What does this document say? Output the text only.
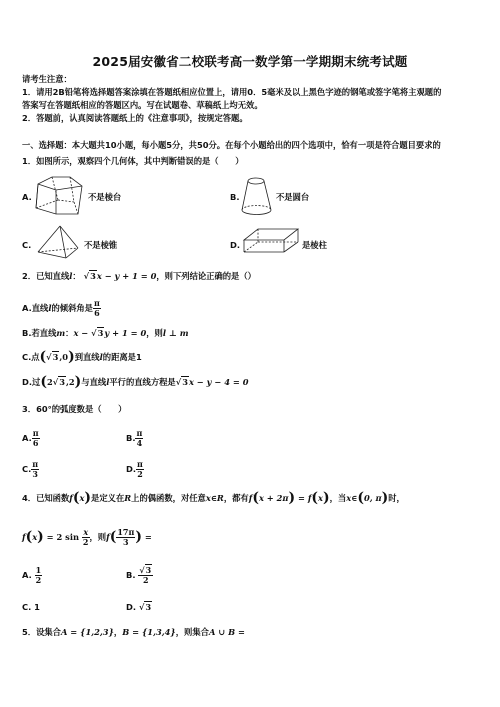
2025届安徽省二校联考高一数学第一学期期末统考试题
请考生注意：
1．请用2B铅笔将选择题答案涂填在答题纸相应位置上，请用0．5毫米及以上黑色字迹的钢笔或签字笔将主观题的
答案写在答题纸相应的答题区内。写在试题卷、草稿纸上均无效。
2．答题前，认真阅读答题纸上的《注意事项》，按规定答题。
一、选择题：本大题共10小题，每小题5分，共50分。在每个小题给出的四个选项中，恰有一项是符合题目要求的
1．如图所示，观察四个几何体，其中判断错误的是（　　）
A.	不是棱台	B.	不是圆台
C.	不是棱锥	D.	是棱柱
2．已知直线l： √3x − y + 1 = 0，则下列结论正确的是（）
A.直线l的倾斜角是 $\frac{\pi}{6}$
B.若直线m：x − √3y + 1 = 0，则l ⊥ m
C.点(√3,0)到直线l的距离是1
D.过(2√3,2)与直线l平行的直线方程是√3x − y − 4 = 0
3．60°的弧度数是（　　）
A. $\frac{\pi}{6}$	B. $\frac{\pi}{4}$
C. $\frac{\pi}{3}$	D. $\frac{\pi}{2}$
4．已知函数f(x)是定义在R上的偶函数，对任意x∈R，都有f(x + 2π) = f(x)，当x∈(0, π)时，
f(x) = 2 $\sin \frac{x}{2}$ ，则$f( \frac{17\pi}{3}$ ) =
A. $\frac{1}{2}$	B. $\frac{√3}{2}$
C. 1	D. √3
5．设集合A = {1,2,3}，B = {1,3,4}，则集合A ∪ B =
